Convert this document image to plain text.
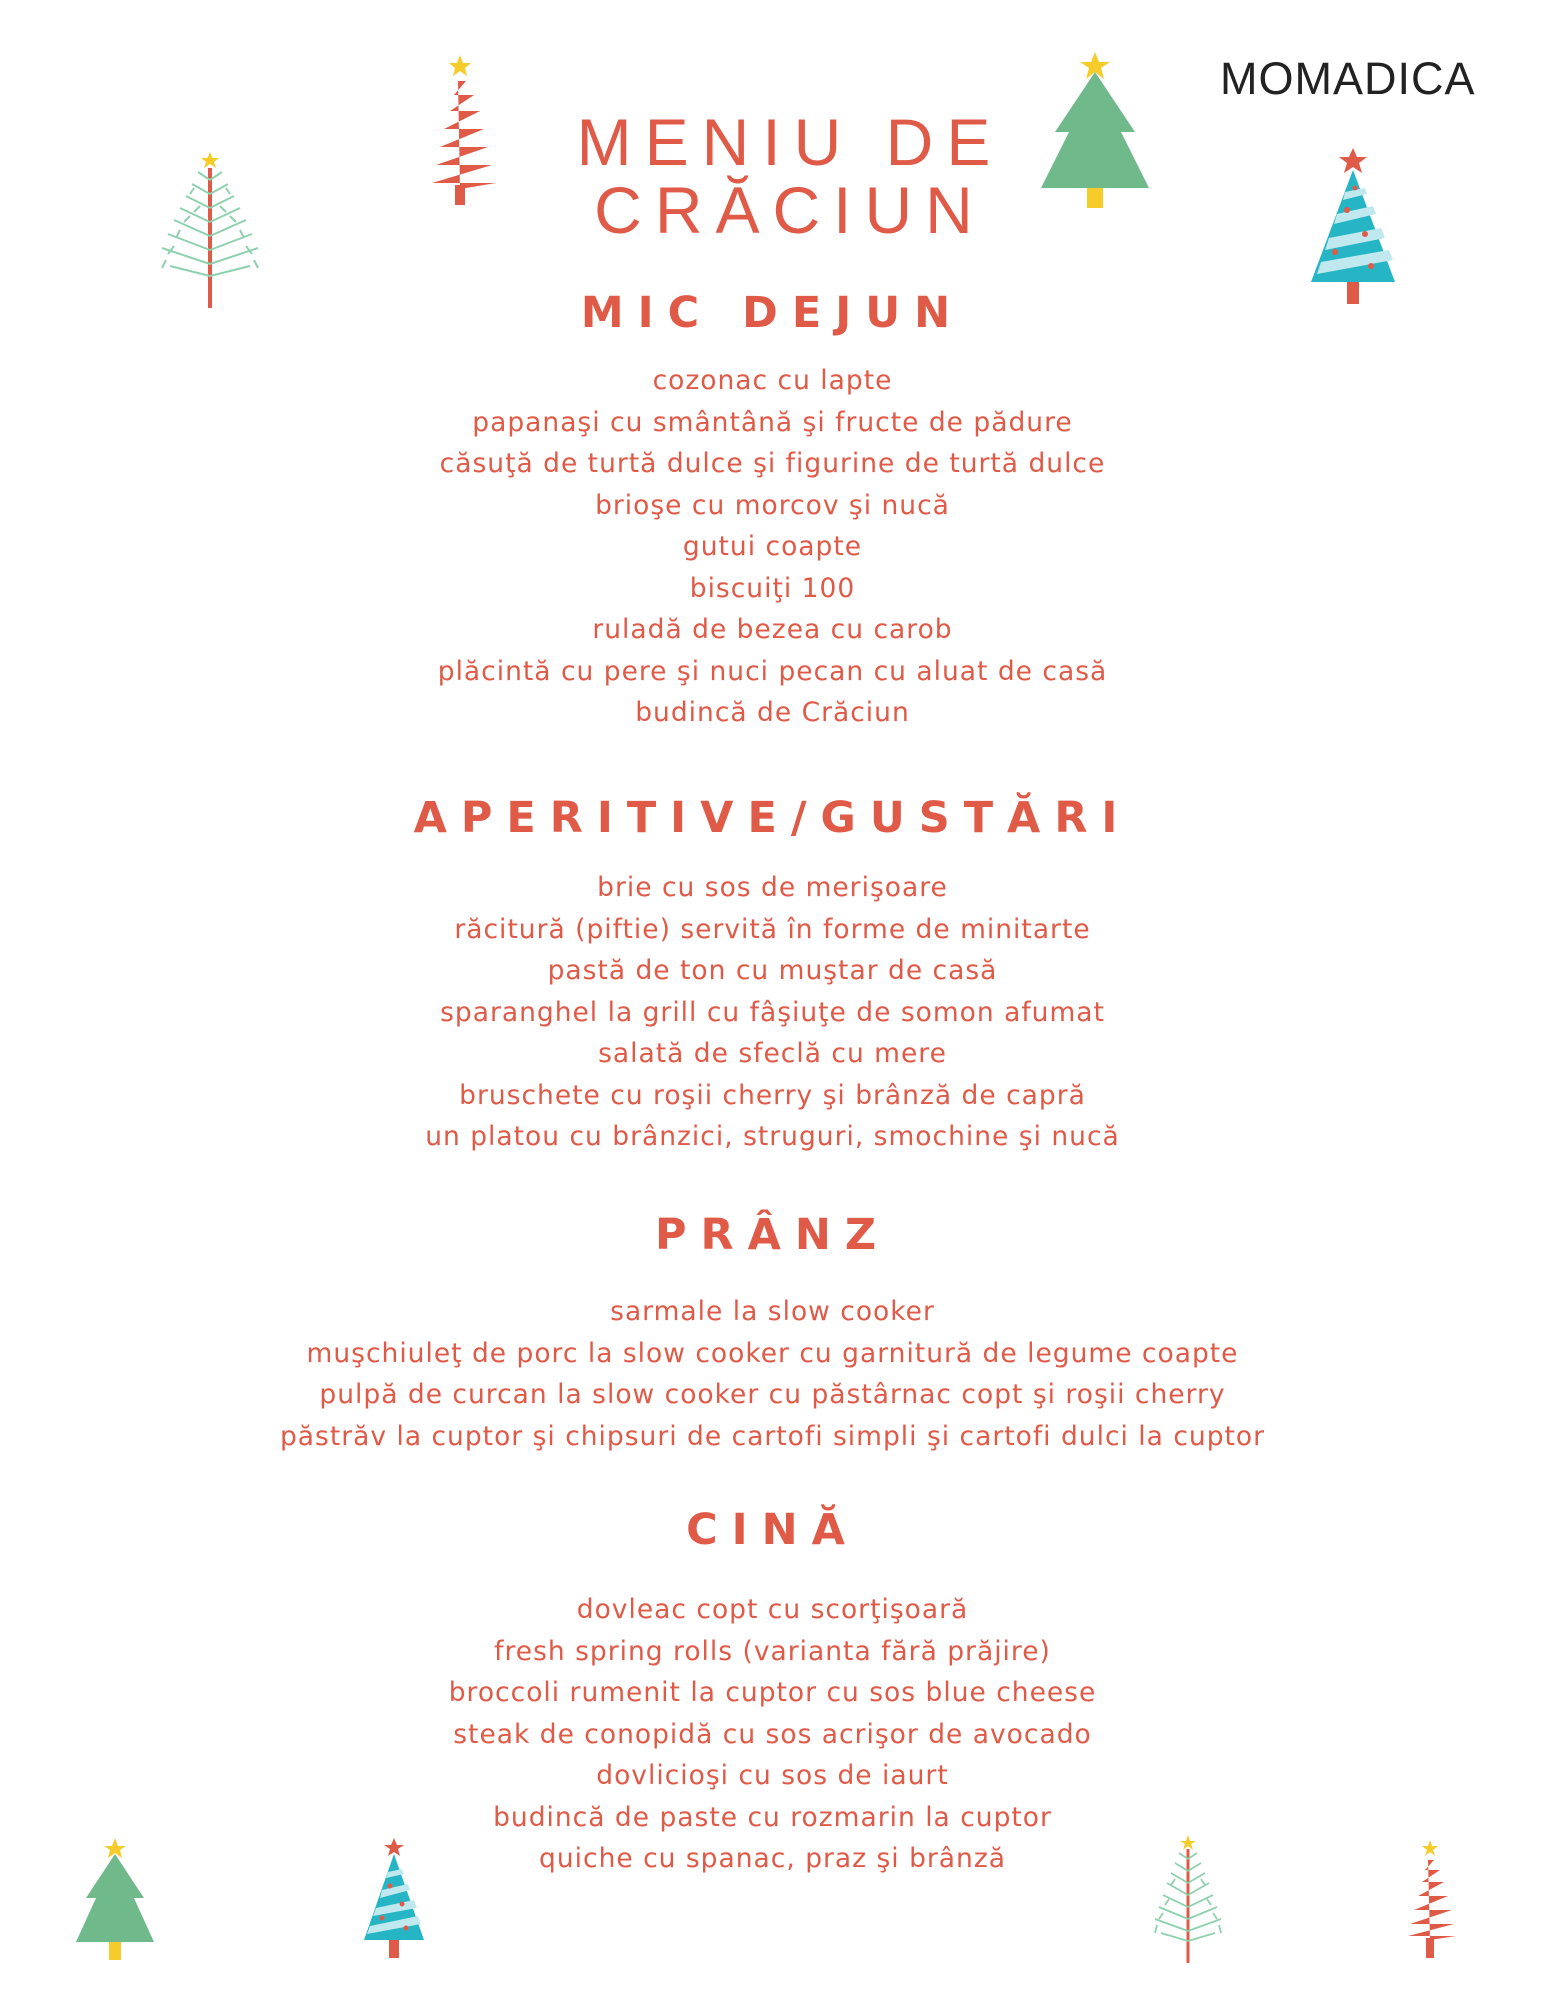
MENIU DE
CRĂCIUN
MOMADICA
MIC DEJUN
cozonac cu lapte
papanaşi cu smântână şi fructe de pădure
căsuţă de turtă dulce şi figurine de turtă dulce
brioşe cu morcov şi nucă
gutui coapte
biscuiţi 100
ruladă de bezea cu carob
plăcintă cu pere şi nuci pecan cu aluat de casă
budincă de Crăciun
APERITIVE/GUSTĂRI
brie cu sos de merişoare
răcitură (piftie) servită în forme de minitarte
pastă de ton cu muştar de casă
sparanghel la grill cu fâşiuţe de somon afumat
salată de sfeclă cu mere
bruschete cu roşii cherry şi brânză de capră
un platou cu brânzici, struguri, smochine şi nucă
PRÂNZ
sarmale la slow cooker
muşchiuleţ de porc la slow cooker cu garnitură de legume coapte
pulpă de curcan la slow cooker cu păstârnac copt şi roşii cherry
păstrăv la cuptor şi chipsuri de cartofi simpli şi cartofi dulci la cuptor
CINĂ
dovleac copt cu scorţişoară
fresh spring rolls (varianta fără prăjire)
broccoli rumenit la cuptor cu sos blue cheese
steak de conopidă cu sos acrişor de avocado
dovlicioşi cu sos de iaurt
budincă de paste cu rozmarin la cuptor
quiche cu spanac, praz şi brânză
